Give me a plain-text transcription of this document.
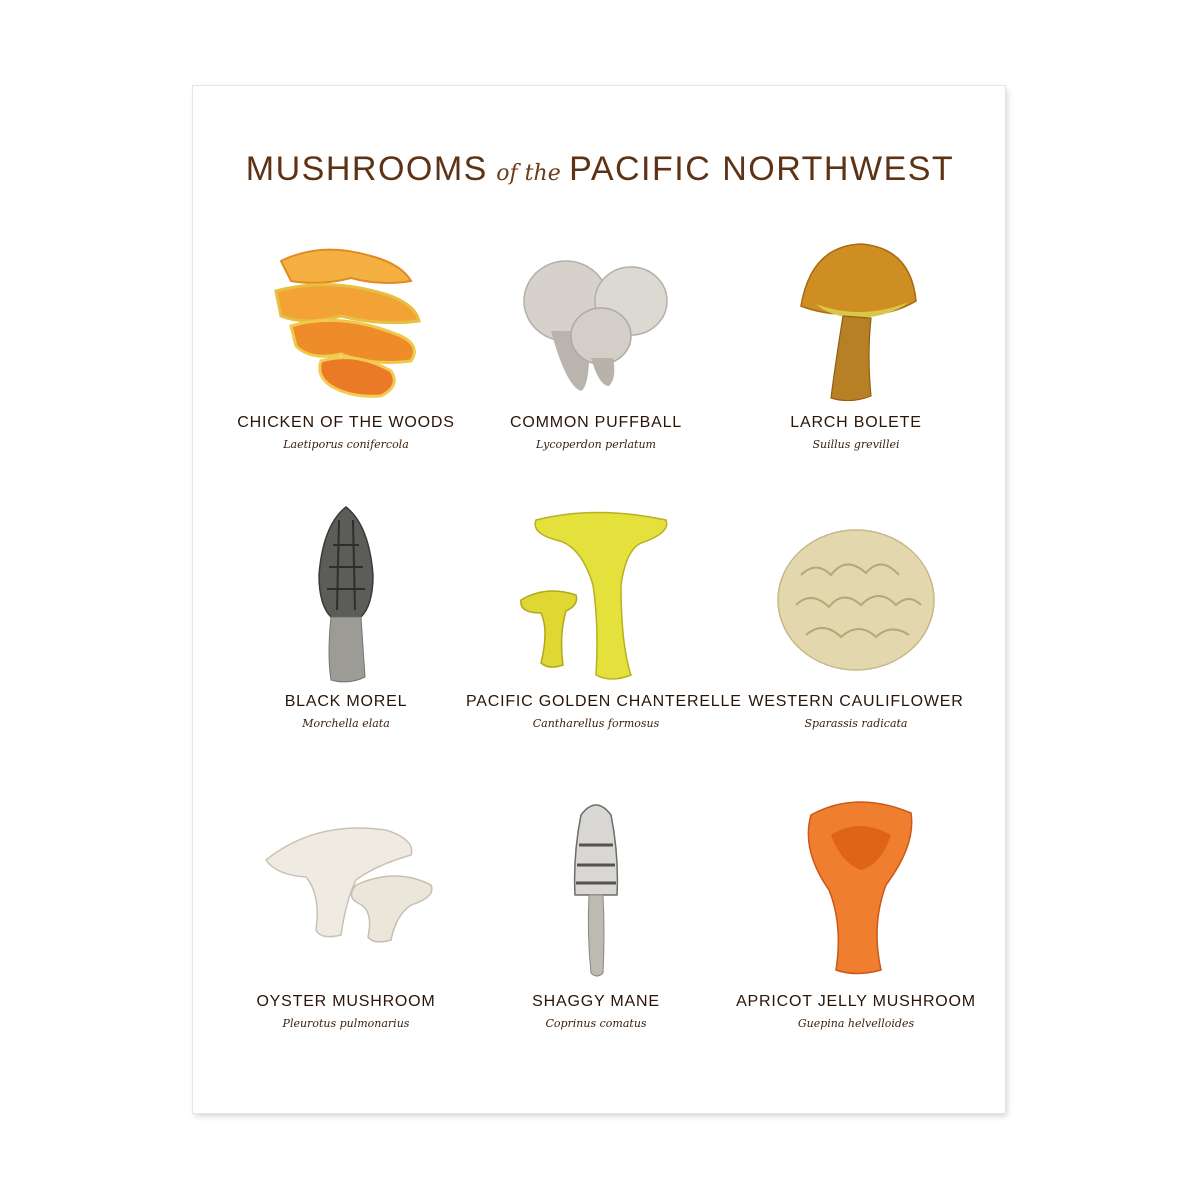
MUSHROOMS of the PACIFIC NORTHWEST
CHICKEN OF THE WOODS
Laetiporus conifercola
COMMON PUFFBALL
Lycoperdon perlatum
LARCH BOLETE
Suillus grevillei
BLACK MOREL
Morchella elata
PACIFIC GOLDEN CHANTERELLE
Cantharellus formosus
WESTERN CAULIFLOWER
Sparassis radicata
OYSTER MUSHROOM
Pleurotus pulmonarius
SHAGGY MANE
Coprinus comatus
APRICOT JELLY MUSHROOM
Guepina helvelloides
